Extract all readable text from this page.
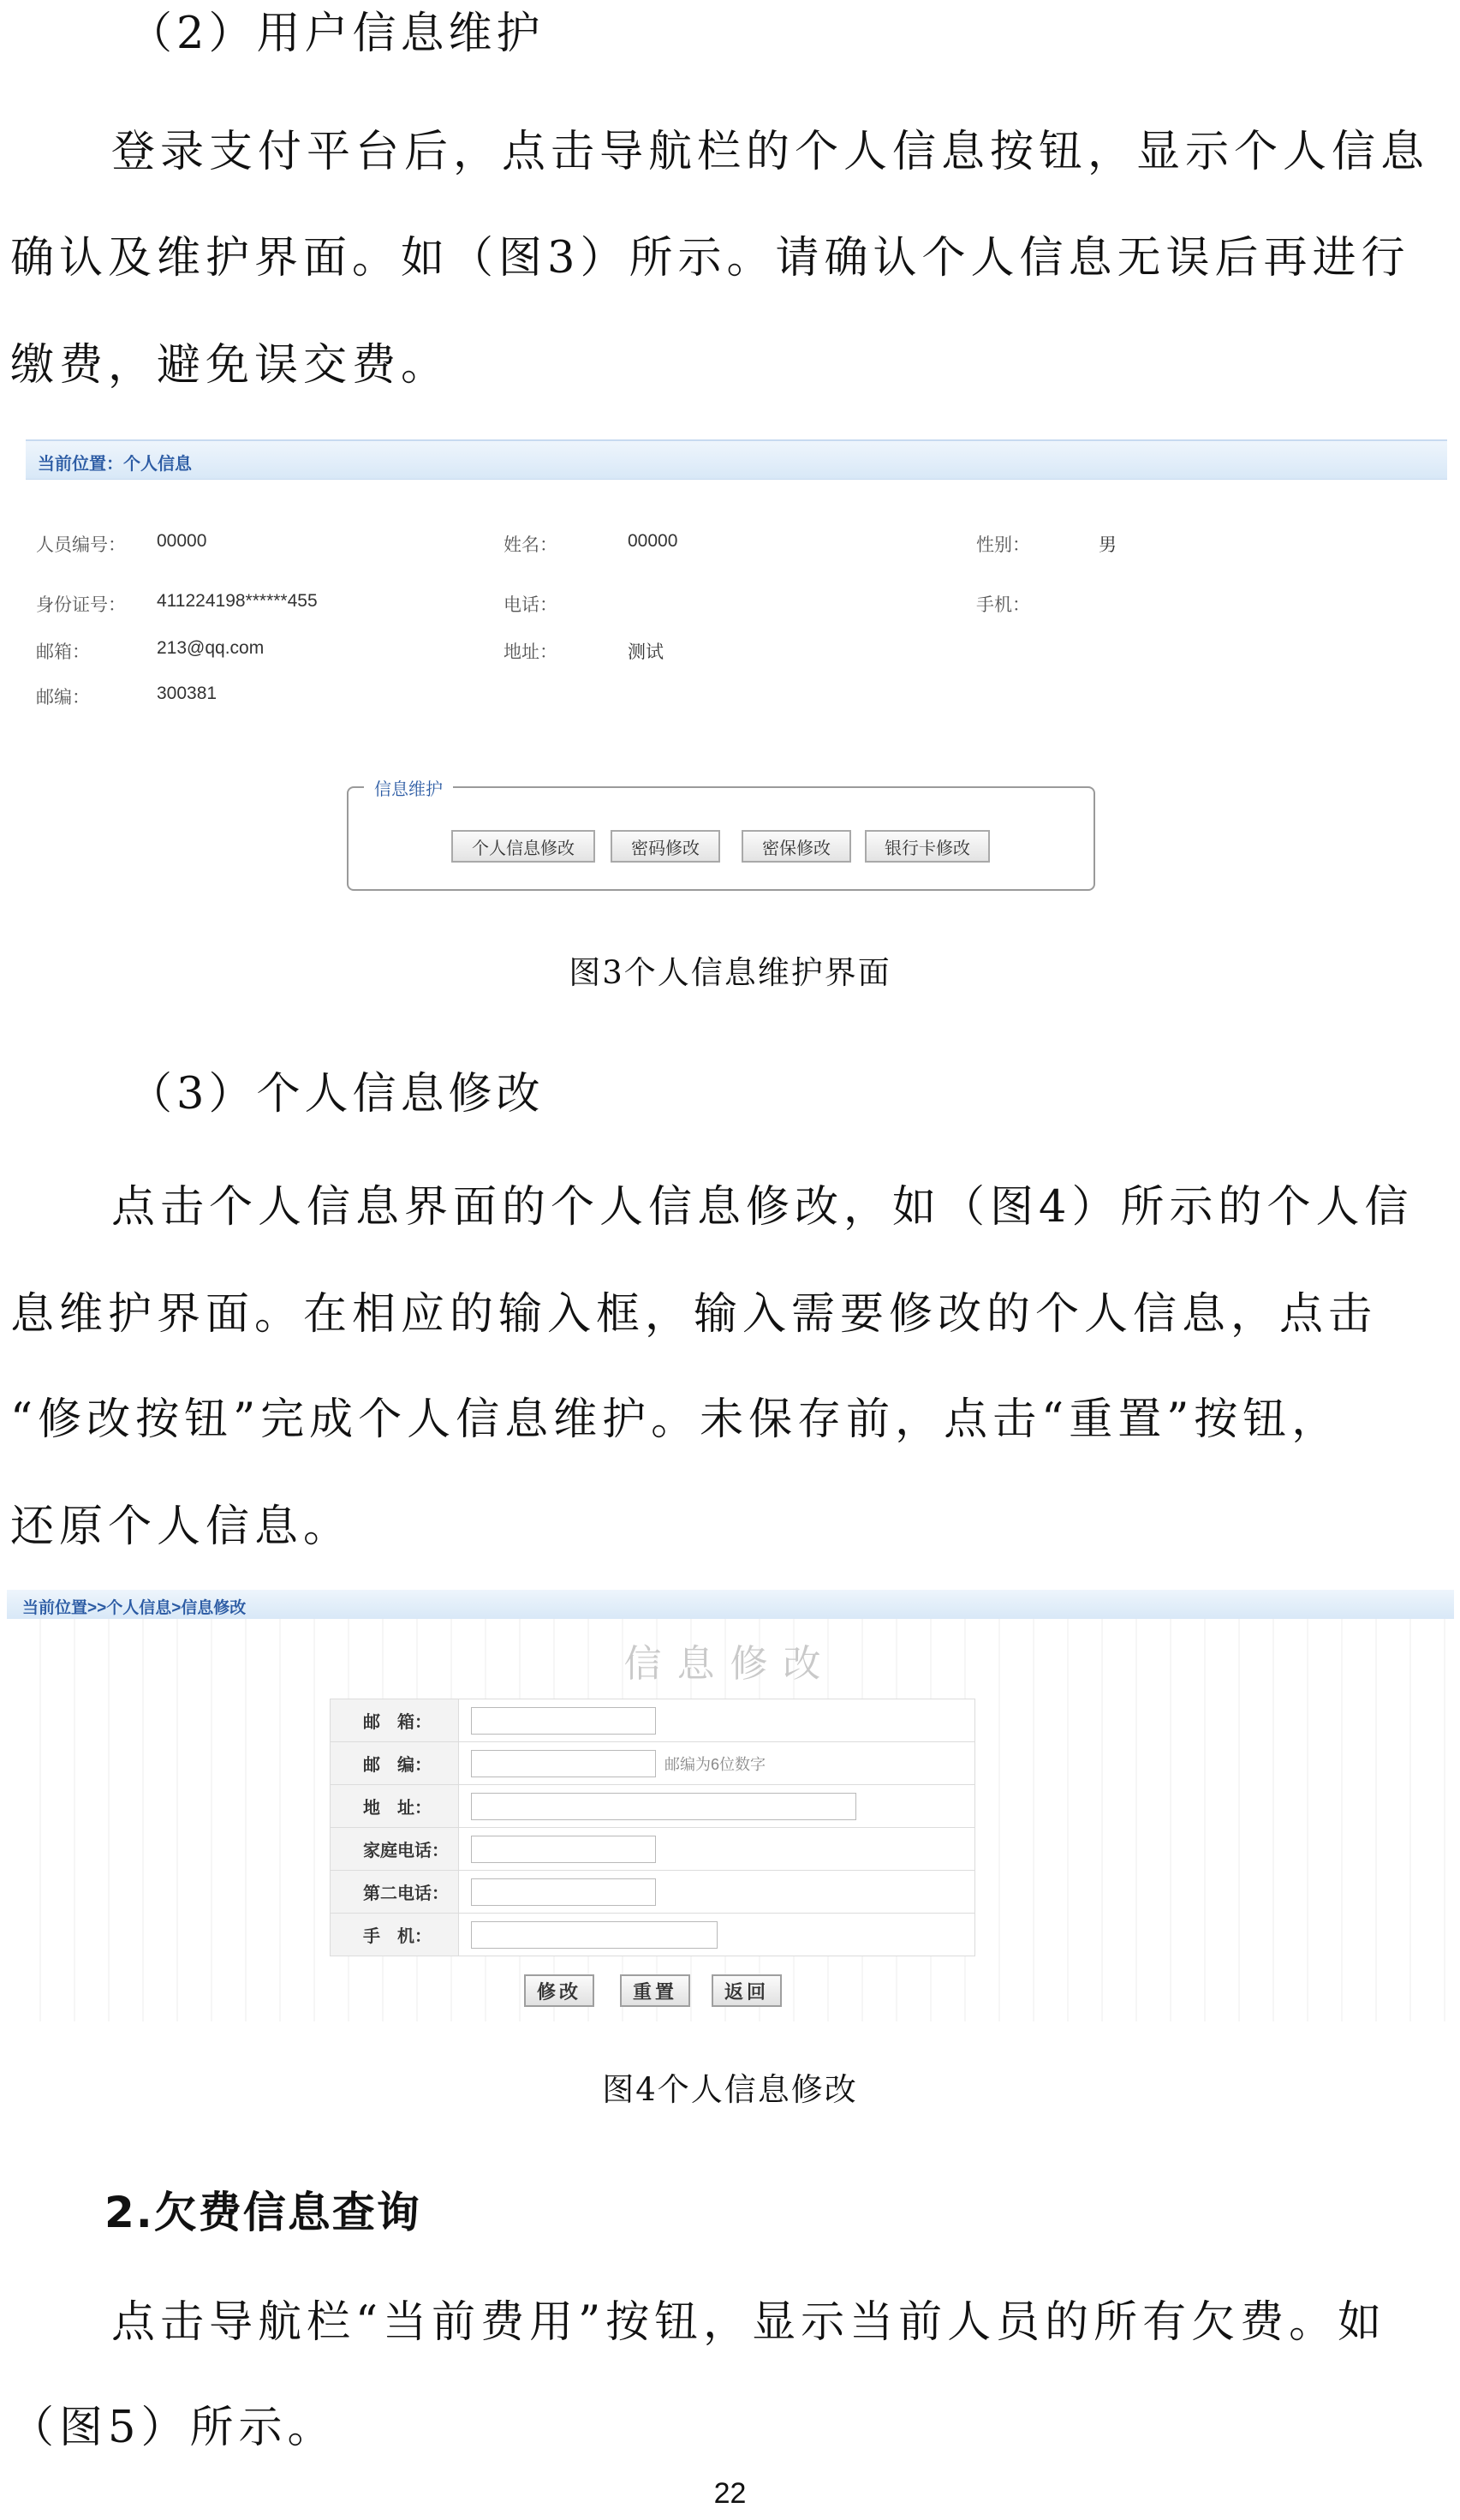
（2）用户信息维护
登录支付平台后，点击导航栏的个人信息按钮，显示个人信息
确认及维护界面。如（图3）所示。请确认个人信息无误后再进行
缴费，避免误交费。
当前位置：个人信息
人员编号： 00000	姓名：	00000	性别：	男
身份证号： 411224198******455	电话：	手机：
邮箱：	213@qq.com	地址：	测试
邮编：	300381
信息维护
个人信息修改	密码修改	密保修改	银行卡修改
图3个人信息维护界面
（3）个人信息修改
点击个人信息界面的个人信息修改，如（图4）所示的个人信
息维护界面。在相应的输入框，输入需要修改的个人信息，点击
“修改按钮”完成个人信息维护。未保存前，点击“重置”按钮，
还原个人信息。
当前位置>>个人信息>信息修改
信息修改
邮　箱：	
邮　编：	邮编为6位数字
地　址：	
家庭电话：	
第二电话：	
手　机：	
修改	重置	返回
图4个人信息修改
2.欠费信息查询
点击导航栏“当前费用”按钮，显示当前人员的所有欠费。如
（图5）所示。
22
